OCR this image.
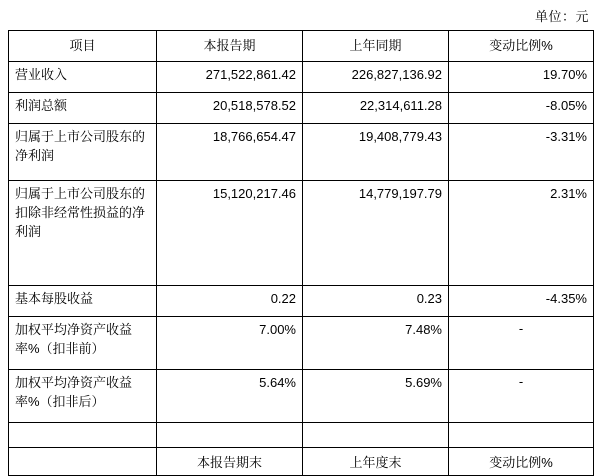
单位：元
项目	本报告期	上年同期	变动比例%
营业收入	271,522,861.42	226,827,136.92	19.70%
利润总额	20,518,578.52	22,314,611.28	-8.05%
归属于上市公司股东的净利润	18,766,654.47	19,408,779.43	-3.31%
归属于上市公司股东的扣除非经常性损益的净利润	15,120,217.46	14,779,197.79	2.31%
基本每股收益	0.22	0.23	-4.35%
加权平均净资产收益率%（扣非前）	7.00%	7.48%	-
加权平均净资产收益率%（扣非后）	5.64%	5.69%	-

	本报告期末	上年度末	变动比例%
